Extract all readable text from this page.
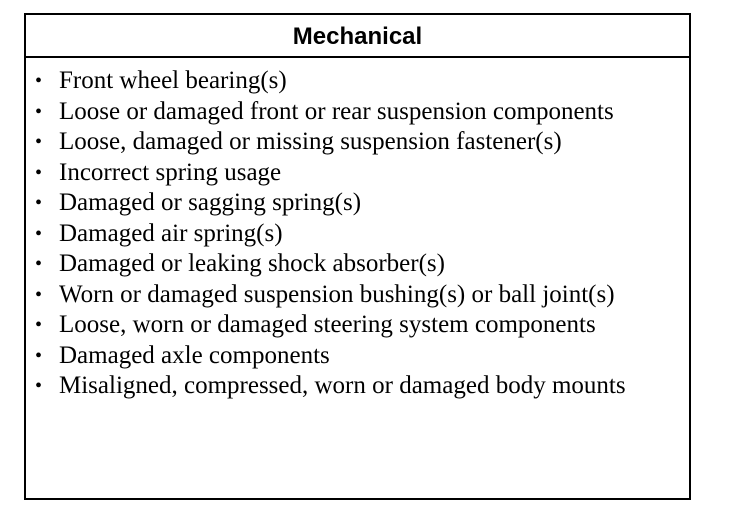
Mechanical
• Front wheel bearing(s)
• Loose or damaged front or rear suspension components
• Loose, damaged or missing suspension fastener(s)
• Incorrect spring usage
• Damaged or sagging spring(s)
• Damaged air spring(s)
• Damaged or leaking shock absorber(s)
• Worn or damaged suspension bushing(s) or ball joint(s)
• Loose, worn or damaged steering system components
• Damaged axle components
• Misaligned, compressed, worn or damaged body mounts
